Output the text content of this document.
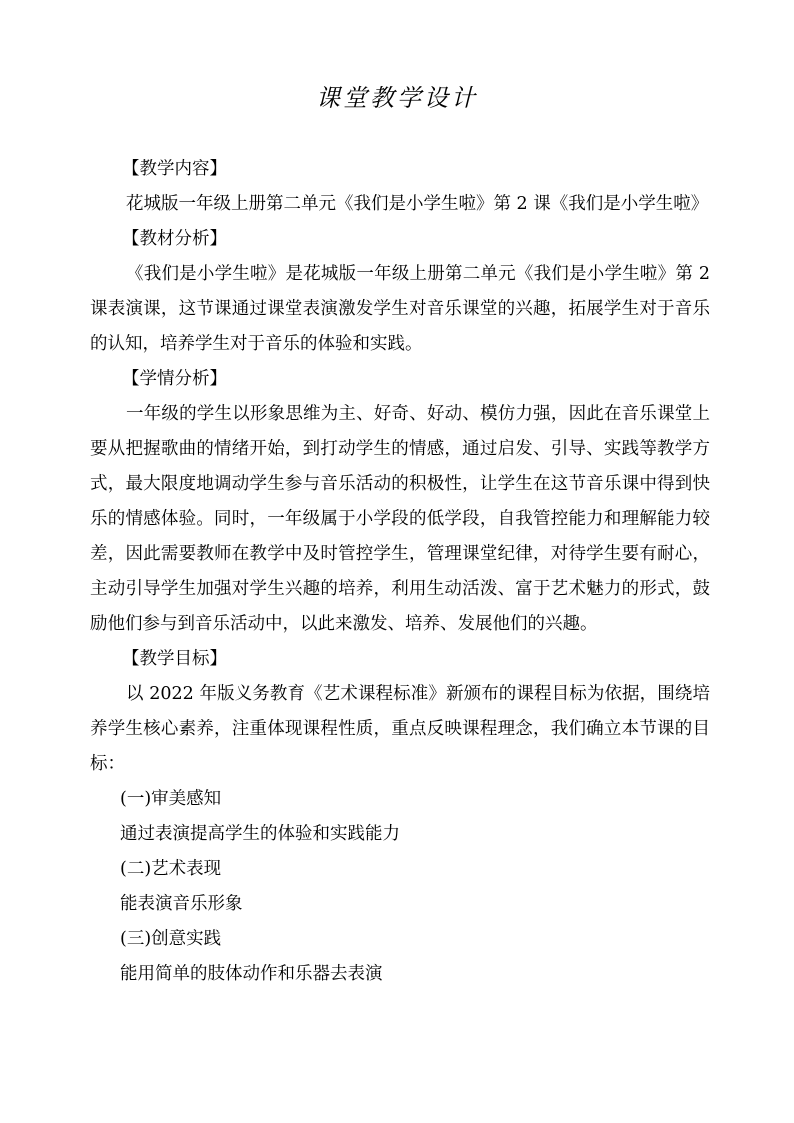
课堂教学设计
【教学内容】

花城版一年级上册第二单元《我们是小学生啦》第 2 课《我们是小学生啦》

【教材分析】

《我们是小学生啦》是花城版一年级上册第二单元《我们是小学生啦》第 2 课表演课，这节课通过课堂表演激发学生对音乐课堂的兴趣，拓展学生对于音乐的认知，培养学生对于音乐的体验和实践。

【学情分析】

一年级的学生以形象思维为主、好奇、好动、模仿力强，因此在音乐课堂上要从把握歌曲的情绪开始，到打动学生的情感，通过启发、引导、实践等教学方式，最大限度地调动学生参与音乐活动的积极性，让学生在这节音乐课中得到快乐的情感体验。同时，一年级属于小学段的低学段，自我管控能力和理解能力较差，因此需要教师在教学中及时管控学生，管理课堂纪律，对待学生要有耐心，主动引导学生加强对学生兴趣的培养，利用生动活泼、富于艺术魅力的形式，鼓励他们参与到音乐活动中，以此来激发、培养、发展他们的兴趣。

【教学目标】

以 2022 年版义务教育《艺术课程标准》新颁布的课程目标为依据，围绕培养学生核心素养，注重体现课程性质，重点反映课程理念，我们确立本节课的目标：

(一)审美感知
通过表演提高学生的体验和实践能力
(二)艺术表现
能表演音乐形象
(三)创意实践
能用简单的肢体动作和乐器去表演
